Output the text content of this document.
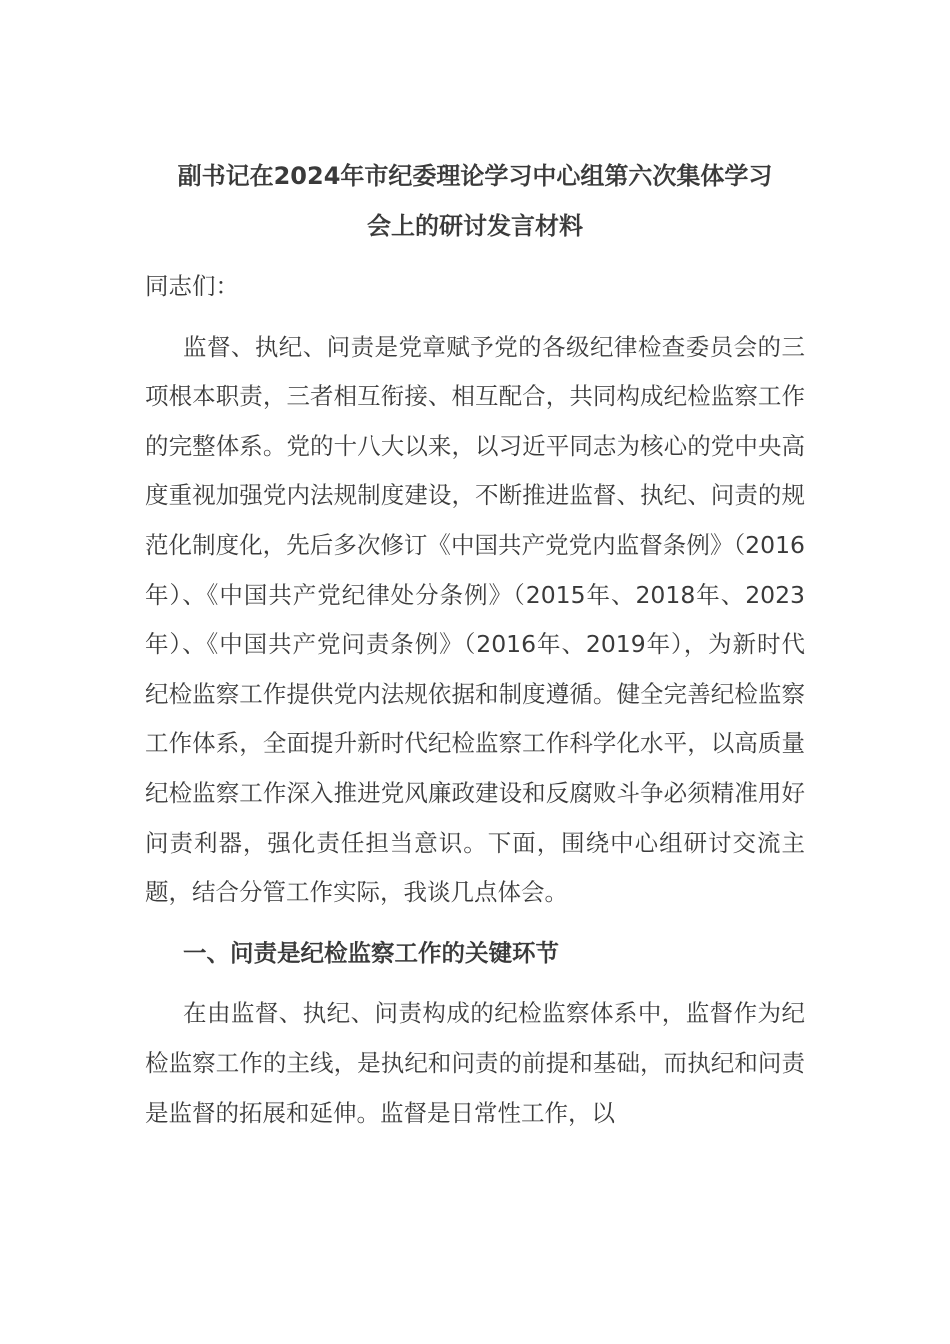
副书记在2024年市纪委理论学习中心组第六次集体学习
会上的研讨发言材料

同志们：

监督、执纪、问责是党章赋予党的各级纪律检查委员会的三项根本职责，三者相互衔接、相互配合，共同构成纪检监察工作的完整体系。党的十八大以来，以习近平同志为核心的党中央高度重视加强党内法规制度建设，不断推进监督、执纪、问责的规范化制度化，先后多次修订《中国共产党党内监督条例》（2016年）、《中国共产党纪律处分条例》（2015年、2018年、2023年）、《中国共产党问责条例》（2016年、2019年），为新时代纪检监察工作提供党内法规依据和制度遵循。健全完善纪检监察工作体系，全面提升新时代纪检监察工作科学化水平，以高质量纪检监察工作深入推进党风廉政建设和反腐败斗争必须精准用好问责利器，强化责任担当意识。下面，围绕中心组研讨交流主题，结合分管工作实际，我谈几点体会。

一、问责是纪检监察工作的关键环节

在由监督、执纪、问责构成的纪检监察体系中，监督作为纪检监察工作的主线，是执纪和问责的前提和基础，而执纪和问责是监督的拓展和延伸。监督是日常性工作，以
